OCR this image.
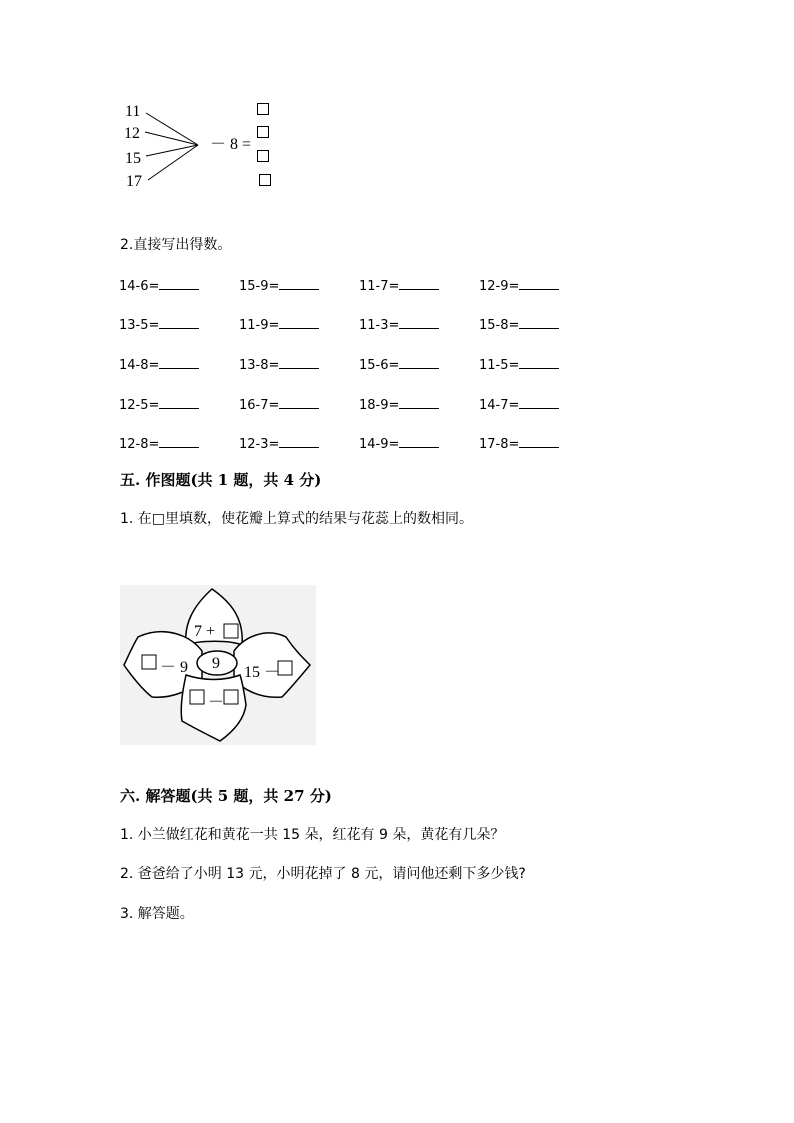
11
12
15
17
－ 8 =
2.直接写出得数。
14-6=	15-9=	11-7=	12-9=
13-5=	11-9=	11-3=	15-8=
14-8=	13-8=	15-6=	11-5=
12-5=	16-7=	18-9=	14-7=
12-8=	12-3=	14-9=	17-8=
五. 作图题(共 1 题，共 4 分)
1. 在□里填数，使花瓣上算式的结果与花蕊上的数相同。
7 +
－ 9 9
15 －
－
六. 解答题(共 5 题，共 27 分)
1. 小兰做红花和黄花一共 15 朵，红花有 9 朵，黄花有几朵？
2. 爸爸给了小明 13 元，小明花掉了 8 元，请问他还剩下多少钱?
3. 解答题。
